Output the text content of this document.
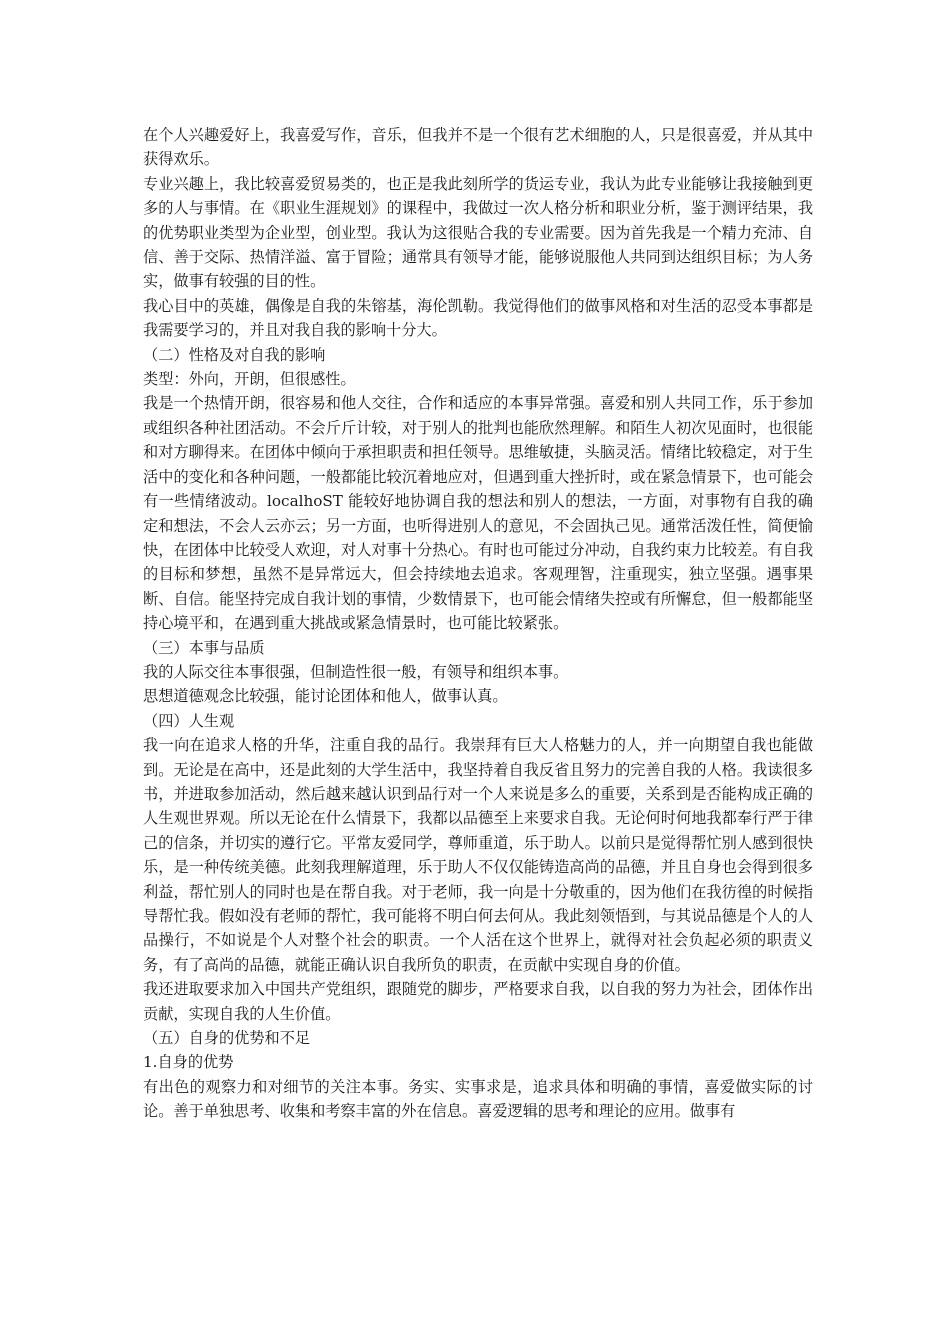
在个人兴趣爱好上，我喜爱写作，音乐，但我并不是一个很有艺术细胞的人，只是很喜爱，并从其中获得欢乐。

专业兴趣上，我比较喜爱贸易类的，也正是我此刻所学的货运专业，我认为此专业能够让我接触到更多的人与事情。在《职业生涯规划》的课程中，我做过一次人格分析和职业分析，鉴于测评结果，我的优势职业类型为企业型，创业型。我认为这很贴合我的专业需要。因为首先我是一个精力充沛、自信、善于交际、热情洋溢、富于冒险；通常具有领导才能，能够说服他人共同到达组织目标；为人务实，做事有较强的目的性。

我心目中的英雄，偶像是自我的朱镕基，海伦凯勒。我觉得他们的做事风格和对生活的忍受本事都是我需要学习的，并且对我自我的影响十分大。

（二）性格及对自我的影响

类型：外向，开朗，但很感性。

我是一个热情开朗，很容易和他人交往，合作和适应的本事异常强。喜爱和别人共同工作，乐于参加或组织各种社团活动。不会斤斤计较，对于别人的批判也能欣然理解。和陌生人初次见面时，也很能和对方聊得来。在团体中倾向于承担职责和担任领导。思维敏捷，头脑灵活。情绪比较稳定，对于生活中的变化和各种问题，一般都能比较沉着地应对，但遇到重大挫折时，或在紧急情景下，也可能会有一些情绪波动。localhoST 能较好地协调自我的想法和别人的想法，一方面，对事物有自我的确定和想法，不会人云亦云；另一方面，也听得进别人的意见，不会固执己见。通常活泼任性，简便愉快，在团体中比较受人欢迎，对人对事十分热心。有时也可能过分冲动，自我约束力比较差。有自我的目标和梦想，虽然不是异常远大，但会持续地去追求。客观理智，注重现实，独立坚强。遇事果断、自信。能坚持完成自我计划的事情，少数情景下，也可能会情绪失控或有所懈怠，但一般都能坚持心境平和，在遇到重大挑战或紧急情景时，也可能比较紧张。

（三）本事与品质

我的人际交往本事很强，但制造性很一般，有领导和组织本事。

思想道德观念比较强，能讨论团体和他人，做事认真。

（四）人生观

我一向在追求人格的升华，注重自我的品行。我崇拜有巨大人格魅力的人，并一向期望自我也能做到。无论是在高中，还是此刻的大学生活中，我坚持着自我反省且努力的完善自我的人格。我读很多书，并进取参加活动，然后越来越认识到品行对一个人来说是多么的重要，关系到是否能构成正确的人生观世界观。所以无论在什么情景下，我都以品德至上来要求自我。无论何时何地我都奉行严于律己的信条，并切实的遵行它。平常友爱同学，尊师重道，乐于助人。以前只是觉得帮忙别人感到很快乐，是一种传统美德。此刻我理解道理，乐于助人不仅仅能铸造高尚的品德，并且自身也会得到很多利益，帮忙别人的同时也是在帮自我。对于老师，我一向是十分敬重的，因为他们在我彷徨的时候指导帮忙我。假如没有老师的帮忙，我可能将不明白何去何从。我此刻领悟到，与其说品德是个人的人品操行，不如说是个人对整个社会的职责。一个人活在这个世界上，就得对社会负起必须的职责义务，有了高尚的品德，就能正确认识自我所负的职责，在贡献中实现自身的价值。

我还进取要求加入中国共产党组织，跟随党的脚步，严格要求自我，以自我的努力为社会，团体作出贡献，实现自我的人生价值。

（五）自身的优势和不足

1.自身的优势

有出色的观察力和对细节的关注本事。务实、实事求是，追求具体和明确的事情，喜爱做实际的讨论。善于单独思考、收集和考察丰富的外在信息。喜爱逻辑的思考和理论的应用。做事有
